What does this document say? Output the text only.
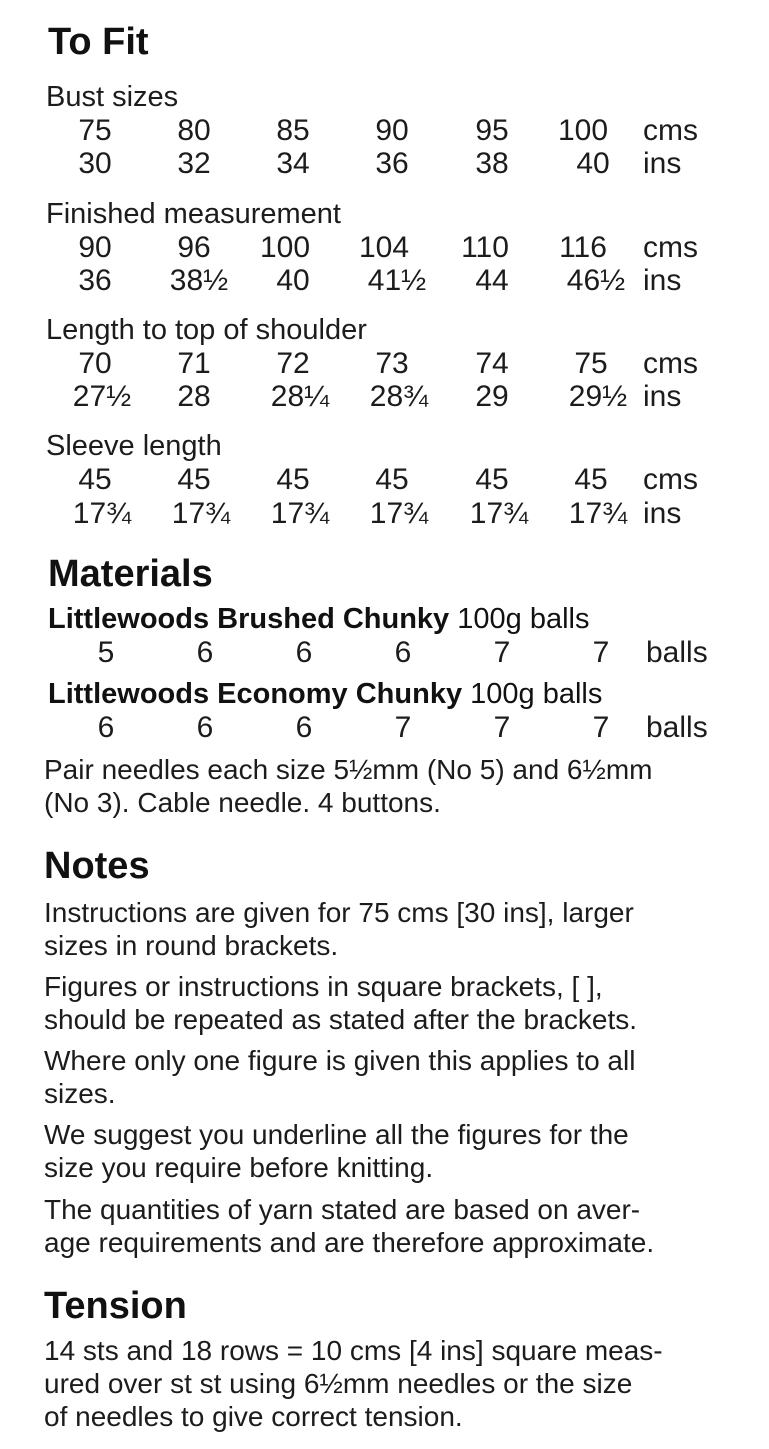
To Fit
Bust sizes
75	80	85	90	95	100	cms
30	32	34	36	38	40	ins
Finished measurement
90	96	100	104	110	116	cms
36	38½	40	41½	44	46½ ins
Length to top of shoulder
70	71	72	73	74	75	cms
27½	28	28¼	28¾	29	29½ ins
Sleeve length
45	45	45	45	45	45	cms
17¾	17¾	17¾	17¾	17¾	17¾ ins
Materials
Littlewoods Brushed Chunky 100g balls
5	6	6	6	7	7	balls
Littlewoods Economy Chunky 100g balls
6	6	6	7	7	7	balls
Pair needles each size 5½mm (No 5) and 6½mm
(No 3). Cable needle. 4 buttons.
Notes
Instructions are given for 75 cms [30 ins], larger
sizes in round brackets.
Figures or instructions in square brackets, [ ],
should be repeated as stated after the brackets.
Where only one figure is given this applies to all
sizes.
We suggest you underline all the figures for the
size you require before knitting.
The quantities of yarn stated are based on aver-
age requirements and are therefore approximate.
Tension
14 sts and 18 rows = 10 cms [4 ins] square meas-
ured over st st using 6½mm needles or the size
of needles to give correct tension.
